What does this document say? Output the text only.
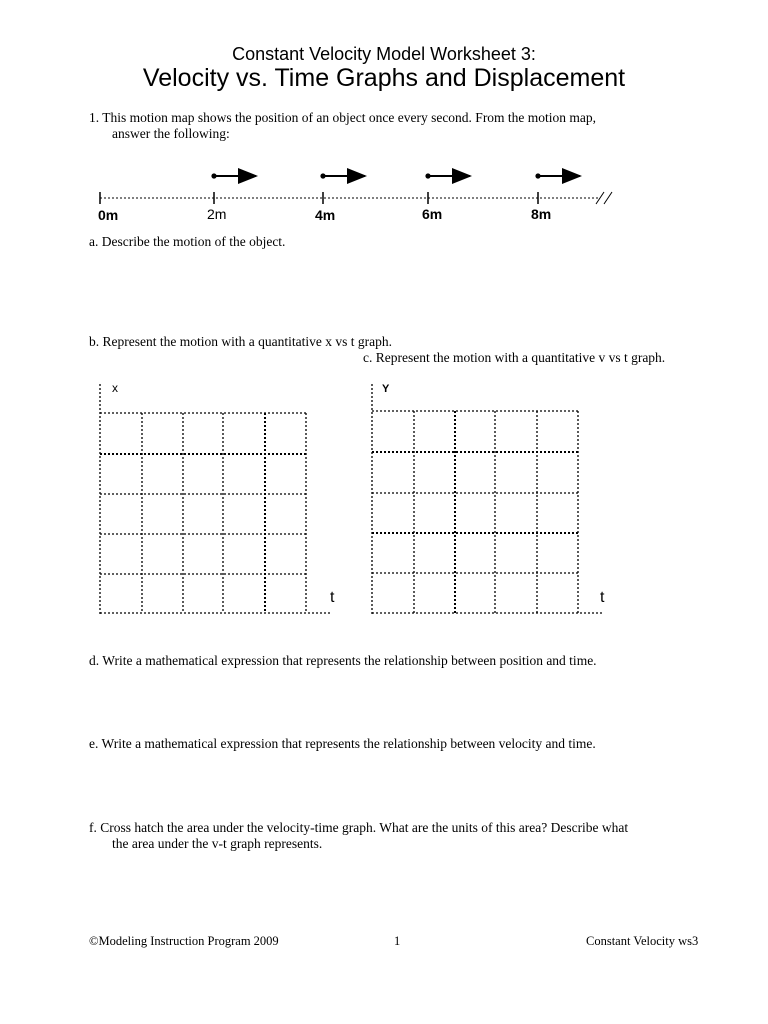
Constant Velocity Model Worksheet 3:
Velocity vs. Time Graphs and Displacement
1. This motion map shows the position of an object once every second. From the motion map,
answer the following:
0m	2m	4m	6m	8m
a. Describe the motion of the object.
b. Represent the motion with a quantitative x vs t graph.
c. Represent the motion with a quantitative v vs t graph.
x
t
Y
t
d. Write a mathematical expression that represents the relationship between position and time.
e. Write a mathematical expression that represents the relationship between velocity and time.
f. Cross hatch the area under the velocity-time graph. What are the units of this area? Describe what
the area under the v-t graph represents.
©Modeling Instruction Program 2009	1	Constant Velocity ws3
